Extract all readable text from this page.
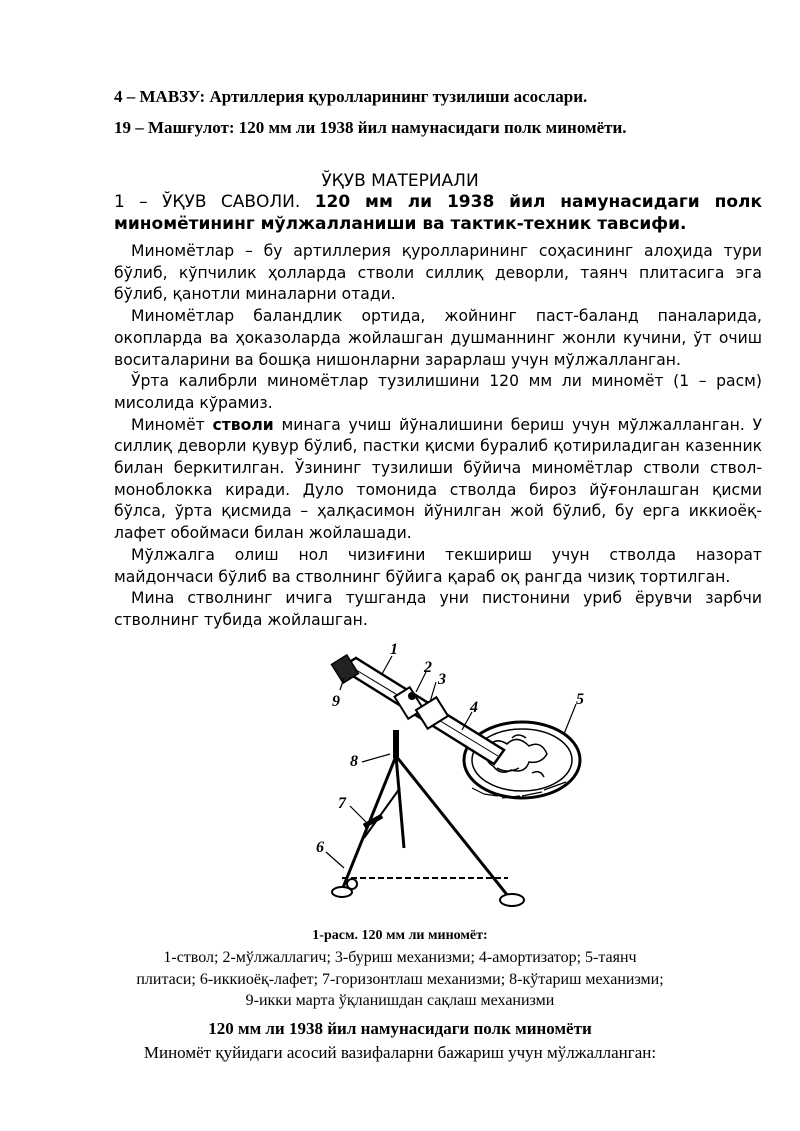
4 – МАВЗУ: Артиллерия қуролларининг тузилиши асослари.
19 – Машғулот: 120 мм ли 1938 йил намунасидаги полк миномёти.
ЎҚУВ МАТЕРИАЛИ
1 – ЎҚУВ САВОЛИ. 120 мм ли 1938 йил намунасидаги полк миномётининг мўлжалланиши ва тактик-техник тавсифи.

Миномётлар – бу артиллерия қуролларининг соҳасининг алоҳида тури бўлиб, кўпчилик ҳолларда стволи силлиқ деворли, таянч плитасига эга бўлиб, қанотли миналарни отади.

Миномётлар баландлик ортида, жойнинг паст-баланд панaларида, окопларда ва ҳоказоларда жойлашган душманнинг жонли кучини, ўт очиш воситаларини ва бошқа нишонларни зарарлаш учун мўлжалланган.

Ўрта калибрли миномётлар тузилишини 120 мм ли миномёт (1 – расм) мисолида кўрамиз.

Миномёт стволи минага учиш йўналишини бериш учун мўлжалланган. У силлиқ деворли қувур бўлиб, пастки қисми буралиб қотириладиган казенник билан беркитилган. Ўзининг тузилиши бўйича миномётлар стволи ствол-моноблокка киради. Дуло томонида стволда бироз йўғонлашган қисми бўлса, ўрта қисмида – ҳалқасимон йўнилган жой бўлиб, бу ерга иккиоёқ-лафет обоймаси билан жойлашади.

Мўлжалга олиш нол чизиғини текшириш учун стволда назорат майдончаси бўлиб ва стволнинг бўйига қараб оқ рангда чизиқ тортилган.

Мина стволнинг ичига тушганда уни пистонини уриб ёрувчи зарбчи стволнинг тубида жойлашган.

1
2
3
4	5
6
7
8
9
1-расм. 120 мм ли миномёт:
1-ствол; 2-мўлжаллагич; 3-буриш механизми; 4-амортизатор; 5-таянч
плитаси; 6-иккиоёқ-лафет; 7-горизонтлаш механизми; 8-кўтариш механизми;
9-икки марта ўқланишдан сақлаш механизми
120 мм ли 1938 йил намунасидаги полк миномёти
Миномёт қуйидаги асосий вазифаларни бажариш учун мўлжалланган:
